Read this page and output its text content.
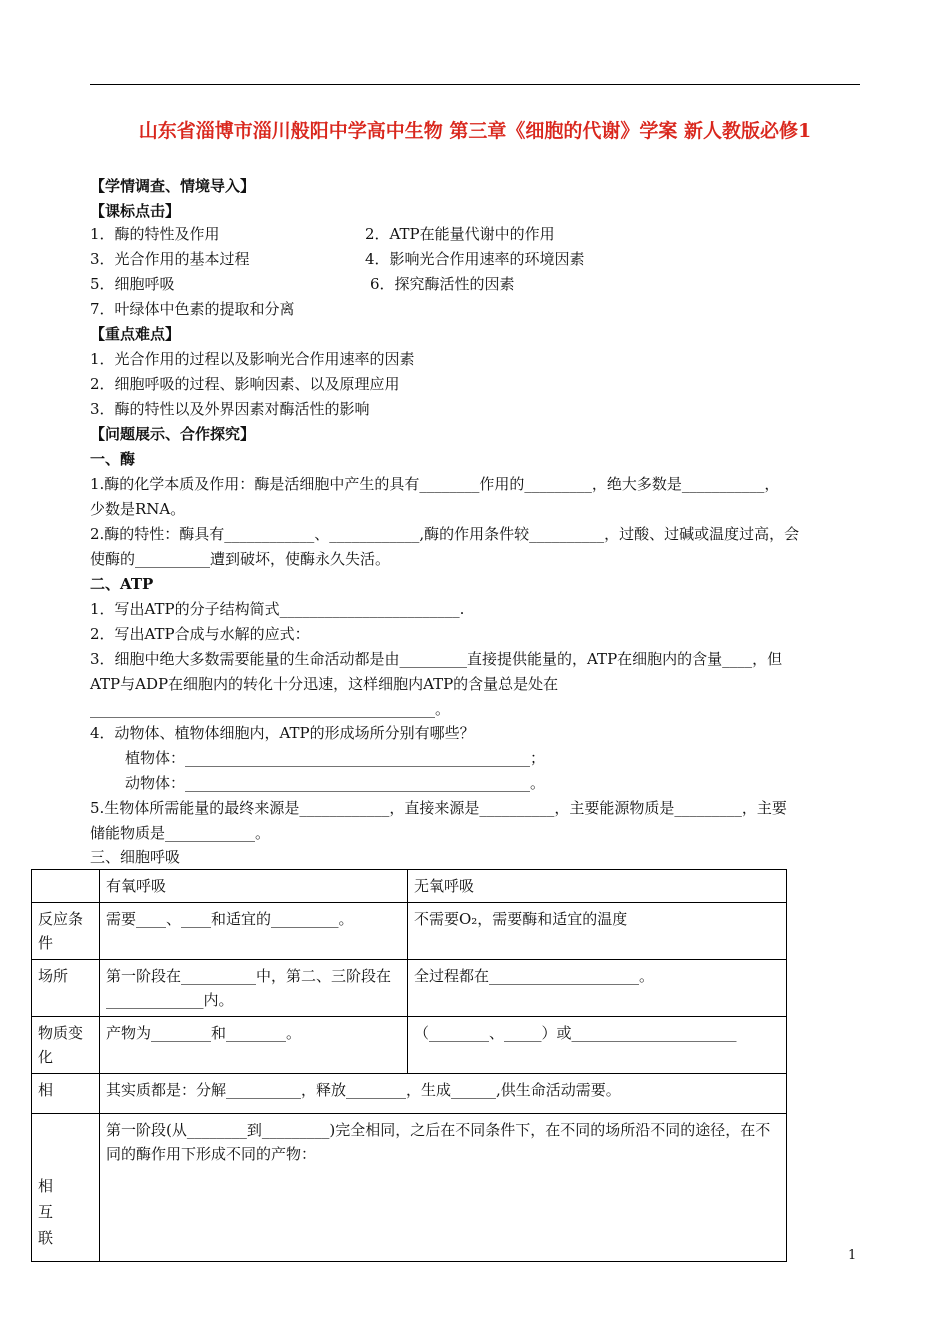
山东省淄博市淄川般阳中学高中生物 第三章《细胞的代谢》学案 新人教版必修1
【学情调查、情境导入】
【课标点击】
1．酶的特性及作用	2．ATP在能量代谢中的作用
3．光合作用的基本过程	4．影响光合作用速率的环境因素
5．细胞呼吸	6．探究酶活性的因素
7．叶绿体中色素的提取和分离
【重点难点】
1．光合作用的过程以及影响光合作用速率的因素
2．细胞呼吸的过程、影响因素、以及原理应用
3．酶的特性以及外界因素对酶活性的影响
【问题展示、合作探究】
一、酶
1.酶的化学本质及作用：酶是活细胞中产生的具有________作用的_________，绝大多数是___________，
少数是RNA。
2.酶的特性：酶具有____________、____________,酶的作用条件较__________，过酸、过碱或温度过高，会
使酶的__________遭到破坏，使酶永久失活。
二、ATP
1．写出ATP的分子结构简式________________________.
2．写出ATP合成与水解的应式：
3．细胞中绝大多数需要能量的生命活动都是由_________直接提供能量的，ATP在细胞内的含量____，但
ATP与ADP在细胞内的转化十分迅速，这样细胞内ATP的含量总是处在
______________________________________________。
4．动物体、植物体细胞内，ATP的形成场所分别有哪些？
植物体：______________________________________________；
动物体：______________________________________________。
5.生物体所需能量的最终来源是____________，直接来源是__________，主要能源物质是_________，主要
储能物质是____________。
三、细胞呼吸
	有氧呼吸	无氧呼吸
反应条件	需要____、____和适宜的_________。	不需要O₂，需要酶和适宜的温度
场所	第一阶段在__________中，第二、三阶段在_____________内。	全过程都在____________________。
物质变化	产物为________和________。	（________、_____）或______________________
相	其实质都是：分解__________，释放________，生成______,供生命活动需要。	

相互联	第一阶段(从________到_________)完全相同，之后在不同条件下，在不同的场所沿不同的途径，在不同的酶作用下形成不同的产物：	
1
